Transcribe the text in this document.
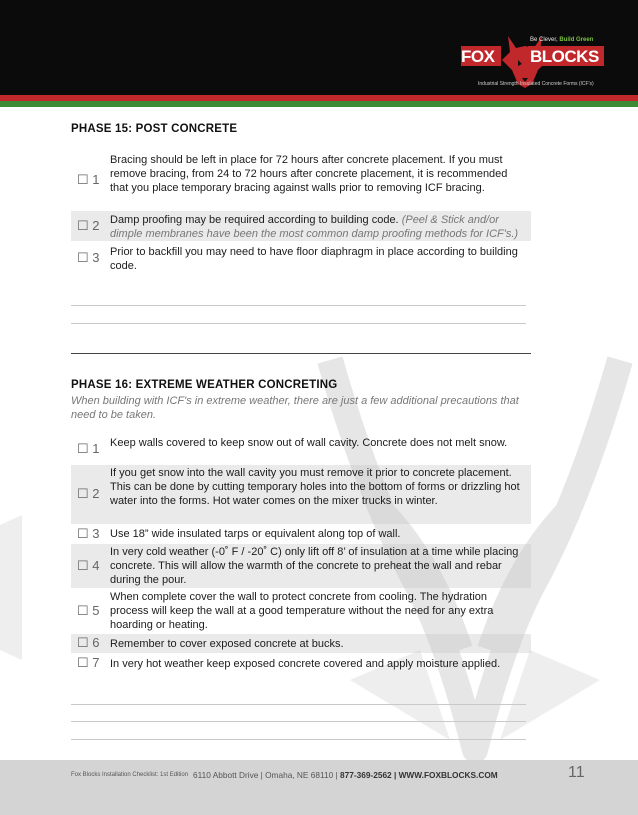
Be Clever, Build Green
FOX BLOCKS
Industrial Strength Insulated Concrete Forms (ICF's)
PHASE 15: POST CONCRETE
☐ 1
Bracing should be left in place for 72 hours after concrete placement. If you must remove bracing, from 24 to 72 hours after concrete placement, it is recommended that you place temporary bracing against walls prior to removing ICF bracing.
☐ 2 Damp proofing may be required according to building code. (Peel & Stick and/or dimple membranes have been the most common damp proofing methods for ICF's.)
☐ 3 Prior to backfill you may need to have floor diaphragm in place according to building code.
PHASE 16: EXTREME WEATHER CONCRETING
When building with ICF's in extreme weather, there are just a few additional precautions that need to be taken.
☐ 1 Keep walls covered to keep snow out of wall cavity. Concrete does not melt snow.
☐ 2
If you get snow into the wall cavity you must remove it prior to concrete placement. This can be done by cutting temporary holes into the bottom of forms or drizzling hot water into the forms. Hot water comes on the mixer trucks in winter.
☐ 3 Use 18” wide insulated tarps or equivalent along top of wall.
☐ 4
In very cold weather (-0˚ F / -20˚ C) only lift off 8’ of insulation at a time while placing concrete. This will allow the warmth of the concrete to preheat the wall and rebar during the pour.
☐ 5
When complete cover the wall to protect concrete from cooling. The hydration process will keep the wall at a good temperature without the need for any extra hoarding or heating.
☐ 6 Remember to cover exposed concrete at bucks.
☐ 7 In very hot weather keep exposed concrete covered and apply moisture applied.
Fox Blocks Installation Checklist: 1st Edition 6110 Abbott Drive | Omaha, NE 68110 | 877-369-2562 | WWW.FOXBLOCKS.COM	11
